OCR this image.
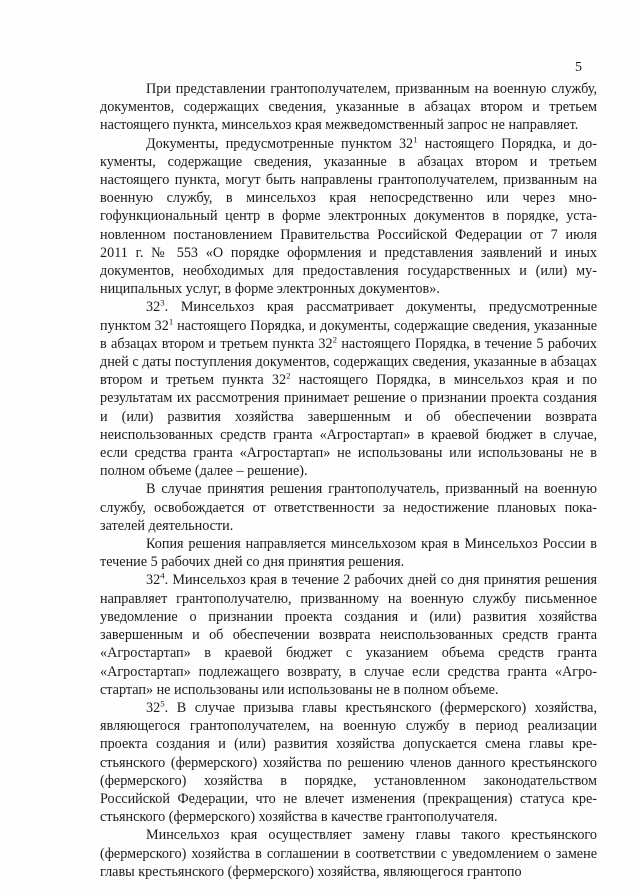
5

При представлении грантополучателем, призванным на военную службу, документов, содержащих сведения, указанные в абзацах втором и третьем настоящего пункта, минсельхоз края межведомственный запрос не направляет.

Документы, предусмотренные пунктом $32^1$ настоящего Порядка, и документы, содержащие сведения, указанные в абзацах втором и третьем настоящего пункта, могут быть направлены грантополучателем, призванным на военную службу, в минсельхоз края непосредственно или через многофункциональный центр в форме электронных документов в порядке, установленном постановлением Правительства Российской Федерации от 7 июля 2011 г. № 553 «О порядке оформления и представления заявлений и иных документов, необходимых для предоставления государственных и (или) муниципальных услуг, в форме электронных документов».

$32^3$. Минсельхоз края рассматривает документы, предусмотренные пунктом $32^1$ настоящего Порядка, и документы, содержащие сведения, указанные в абзацах втором и третьем пункта $32^2$ настоящего Порядка, в течение 5 рабочих дней с даты поступления документов, содержащих сведения, указанные в абзацах втором и третьем пункта $32^2$ настоящего Порядка, в минсельхоз края и по результатам их рассмотрения принимает решение о признании проекта создания и (или) развития хозяйства завершенным и об обеспечении возврата неиспользованных средств гранта «Агростартап» в краевой бюджет в случае, если средства гранта «Агростартап» не использованы или использованы не в полном объеме (далее – решение).

В случае принятия решения грантополучатель, призванный на военную службу, освобождается от ответственности за недостижение плановых показателей деятельности.

Копия решения направляется минсельхозом края в Минсельхоз России в течение 5 рабочих дней со дня принятия решения.

$32^4$. Минсельхоз края в течение 2 рабочих дней со дня принятия решения направляет грантополучателю, призванному на военную службу письменное уведомление о признании проекта создания и (или) развития хозяйства завершенным и об обеспечении возврата неиспользованных средств гранта «Агростартап» в краевой бюджет с указанием объема средств гранта «Агростартап» подлежащего возврату, в случае если средства гранта «Агростартап» не использованы или использованы не в полном объеме.

$32^5$. В случае призыва главы крестьянского (фермерского) хозяйства, являющегося грантополучателем, на военную службу в период реализации проекта создания и (или) развития хозяйства допускается смена главы крестьянского (фермерского) хозяйства по решению членов данного крестьянского (фермерского) хозяйства в порядке, установленном законодательством Российской Федерации, что не влечет изменения (прекращения) статуса крестьянского (фермерского) хозяйства в качестве грантополучателя.

Минсельхоз края осуществляет замену главы такого крестьянского (фермерского) хозяйства в соглашении в соответствии с уведомлением о замене главы крестьянского (фермерского) хозяйства, являющегося грантопо
